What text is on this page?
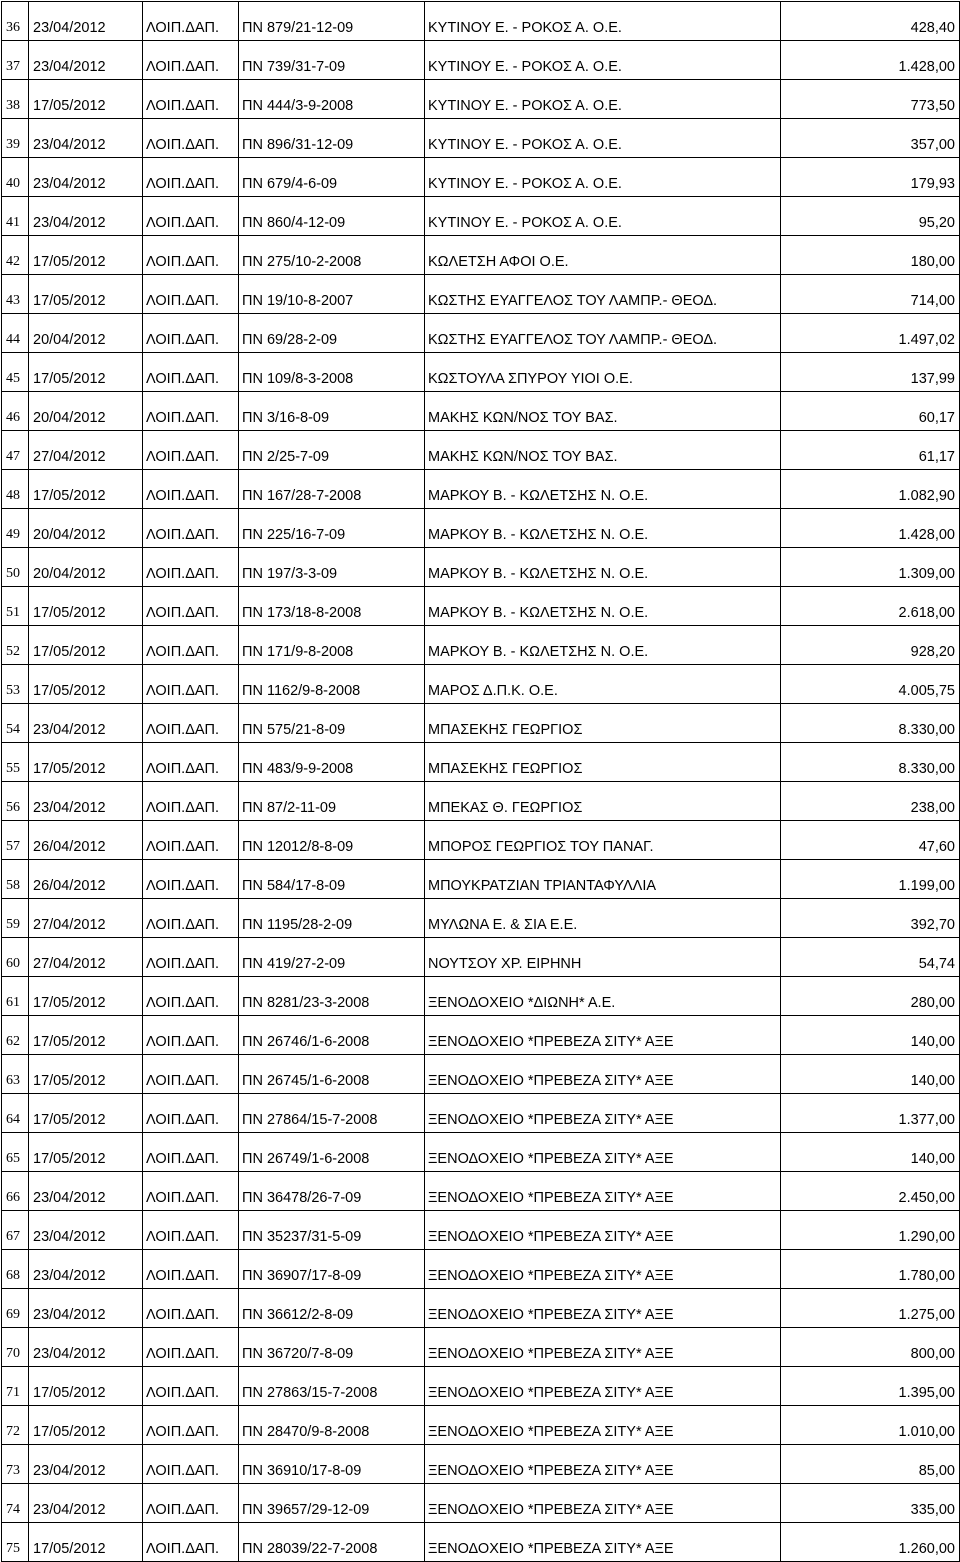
36	23/04/2012	ΛΟΙΠ.ΔΑΠ.	ΠΝ 879/21-12-09	ΚΥΤΙΝΟΥ Ε. - ΡΟΚΟΣ Α. Ο.Ε.	428,40
37	23/04/2012	ΛΟΙΠ.ΔΑΠ.	ΠΝ 739/31-7-09	ΚΥΤΙΝΟΥ Ε. - ΡΟΚΟΣ Α. Ο.Ε.	1.428,00
38	17/05/2012	ΛΟΙΠ.ΔΑΠ.	ΠΝ 444/3-9-2008	ΚΥΤΙΝΟΥ Ε. - ΡΟΚΟΣ Α. Ο.Ε.	773,50
39	23/04/2012	ΛΟΙΠ.ΔΑΠ.	ΠΝ 896/31-12-09	ΚΥΤΙΝΟΥ Ε. - ΡΟΚΟΣ Α. Ο.Ε.	357,00
40	23/04/2012	ΛΟΙΠ.ΔΑΠ.	ΠΝ 679/4-6-09	ΚΥΤΙΝΟΥ Ε. - ΡΟΚΟΣ Α. Ο.Ε.	179,93
41	23/04/2012	ΛΟΙΠ.ΔΑΠ.	ΠΝ 860/4-12-09	ΚΥΤΙΝΟΥ Ε. - ΡΟΚΟΣ Α. Ο.Ε.	95,20
42	17/05/2012	ΛΟΙΠ.ΔΑΠ.	ΠΝ 275/10-2-2008	ΚΩΛΕΤΣΗ ΑΦΟΙ Ο.Ε.	180,00
43	17/05/2012	ΛΟΙΠ.ΔΑΠ.	ΠΝ 19/10-8-2007	ΚΩΣΤΗΣ ΕΥΑΓΓΕΛΟΣ ΤΟΥ ΛΑΜΠΡ.- ΘΕΟΔ.	714,00
44	20/04/2012	ΛΟΙΠ.ΔΑΠ.	ΠΝ 69/28-2-09	ΚΩΣΤΗΣ ΕΥΑΓΓΕΛΟΣ ΤΟΥ ΛΑΜΠΡ.- ΘΕΟΔ.	1.497,02
45	17/05/2012	ΛΟΙΠ.ΔΑΠ.	ΠΝ 109/8-3-2008	ΚΩΣΤΟΥΛΑ ΣΠΥΡΟΥ ΥΙΟΙ Ο.Ε.	137,99
46	20/04/2012	ΛΟΙΠ.ΔΑΠ.	ΠΝ 3/16-8-09	ΜΑΚΗΣ ΚΩΝ/ΝΟΣ ΤΟΥ ΒΑΣ.	60,17
47	27/04/2012	ΛΟΙΠ.ΔΑΠ.	ΠΝ 2/25-7-09	ΜΑΚΗΣ ΚΩΝ/ΝΟΣ ΤΟΥ ΒΑΣ.	61,17
48	17/05/2012	ΛΟΙΠ.ΔΑΠ.	ΠΝ 167/28-7-2008	ΜΑΡΚΟΥ Β. - ΚΩΛΕΤΣΗΣ Ν. Ο.Ε.	1.082,90
49	20/04/2012	ΛΟΙΠ.ΔΑΠ.	ΠΝ 225/16-7-09	ΜΑΡΚΟΥ Β. - ΚΩΛΕΤΣΗΣ Ν. Ο.Ε.	1.428,00
50	20/04/2012	ΛΟΙΠ.ΔΑΠ.	ΠΝ 197/3-3-09	ΜΑΡΚΟΥ Β. - ΚΩΛΕΤΣΗΣ Ν. Ο.Ε.	1.309,00
51	17/05/2012	ΛΟΙΠ.ΔΑΠ.	ΠΝ 173/18-8-2008	ΜΑΡΚΟΥ Β. - ΚΩΛΕΤΣΗΣ Ν. Ο.Ε.	2.618,00
52	17/05/2012	ΛΟΙΠ.ΔΑΠ.	ΠΝ 171/9-8-2008	ΜΑΡΚΟΥ Β. - ΚΩΛΕΤΣΗΣ Ν. Ο.Ε.	928,20
53	17/05/2012	ΛΟΙΠ.ΔΑΠ.	ΠΝ 1162/9-8-2008	ΜΑΡΟΣ Δ.Π.Κ. Ο.Ε.	4.005,75
54	23/04/2012	ΛΟΙΠ.ΔΑΠ.	ΠΝ 575/21-8-09	ΜΠΑΣΕΚΗΣ ΓΕΩΡΓΙΟΣ	8.330,00
55	17/05/2012	ΛΟΙΠ.ΔΑΠ.	ΠΝ 483/9-9-2008	ΜΠΑΣΕΚΗΣ ΓΕΩΡΓΙΟΣ	8.330,00
56	23/04/2012	ΛΟΙΠ.ΔΑΠ.	ΠΝ 87/2-11-09	ΜΠΕΚΑΣ Θ. ΓΕΩΡΓΙΟΣ	238,00
57	26/04/2012	ΛΟΙΠ.ΔΑΠ.	ΠΝ 12012/8-8-09	ΜΠΟΡΟΣ ΓΕΩΡΓΙΟΣ ΤΟΥ ΠΑΝΑΓ.	47,60
58	26/04/2012	ΛΟΙΠ.ΔΑΠ.	ΠΝ 584/17-8-09	ΜΠΟΥΚΡΑΤΖΙΑΝ ΤΡΙΑΝΤΑΦΥΛΛΙΑ	1.199,00
59	27/04/2012	ΛΟΙΠ.ΔΑΠ.	ΠΝ 1195/28-2-09	ΜΥΛΩΝΑ Ε. & ΣΙΑ Ε.Ε.	392,70
60	27/04/2012	ΛΟΙΠ.ΔΑΠ.	ΠΝ 419/27-2-09	ΝΟΥΤΣΟΥ ΧΡ. ΕΙΡΗΝΗ	54,74
61	17/05/2012	ΛΟΙΠ.ΔΑΠ.	ΠΝ 8281/23-3-2008	ΞΕΝΟΔΟΧΕΙΟ *ΔΙΩΝΗ* Α.Ε.	280,00
62	17/05/2012	ΛΟΙΠ.ΔΑΠ.	ΠΝ 26746/1-6-2008	ΞΕΝΟΔΟΧΕΙΟ *ΠΡΕΒΕΖΑ ΣΙΤΥ* ΑΞΕ	140,00
63	17/05/2012	ΛΟΙΠ.ΔΑΠ.	ΠΝ 26745/1-6-2008	ΞΕΝΟΔΟΧΕΙΟ *ΠΡΕΒΕΖΑ ΣΙΤΥ* ΑΞΕ	140,00
64	17/05/2012	ΛΟΙΠ.ΔΑΠ.	ΠΝ 27864/15-7-2008	ΞΕΝΟΔΟΧΕΙΟ *ΠΡΕΒΕΖΑ ΣΙΤΥ* ΑΞΕ	1.377,00
65	17/05/2012	ΛΟΙΠ.ΔΑΠ.	ΠΝ 26749/1-6-2008	ΞΕΝΟΔΟΧΕΙΟ *ΠΡΕΒΕΖΑ ΣΙΤΥ* ΑΞΕ	140,00
66	23/04/2012	ΛΟΙΠ.ΔΑΠ.	ΠΝ 36478/26-7-09	ΞΕΝΟΔΟΧΕΙΟ *ΠΡΕΒΕΖΑ ΣΙΤΥ* ΑΞΕ	2.450,00
67	23/04/2012	ΛΟΙΠ.ΔΑΠ.	ΠΝ 35237/31-5-09	ΞΕΝΟΔΟΧΕΙΟ *ΠΡΕΒΕΖΑ ΣΙΤΥ* ΑΞΕ	1.290,00
68	23/04/2012	ΛΟΙΠ.ΔΑΠ.	ΠΝ 36907/17-8-09	ΞΕΝΟΔΟΧΕΙΟ *ΠΡΕΒΕΖΑ ΣΙΤΥ* ΑΞΕ	1.780,00
69	23/04/2012	ΛΟΙΠ.ΔΑΠ.	ΠΝ 36612/2-8-09	ΞΕΝΟΔΟΧΕΙΟ *ΠΡΕΒΕΖΑ ΣΙΤΥ* ΑΞΕ	1.275,00
70	23/04/2012	ΛΟΙΠ.ΔΑΠ.	ΠΝ 36720/7-8-09	ΞΕΝΟΔΟΧΕΙΟ *ΠΡΕΒΕΖΑ ΣΙΤΥ* ΑΞΕ	800,00
71	17/05/2012	ΛΟΙΠ.ΔΑΠ.	ΠΝ 27863/15-7-2008	ΞΕΝΟΔΟΧΕΙΟ *ΠΡΕΒΕΖΑ ΣΙΤΥ* ΑΞΕ	1.395,00
72	17/05/2012	ΛΟΙΠ.ΔΑΠ.	ΠΝ 28470/9-8-2008	ΞΕΝΟΔΟΧΕΙΟ *ΠΡΕΒΕΖΑ ΣΙΤΥ* ΑΞΕ	1.010,00
73	23/04/2012	ΛΟΙΠ.ΔΑΠ.	ΠΝ 36910/17-8-09	ΞΕΝΟΔΟΧΕΙΟ *ΠΡΕΒΕΖΑ ΣΙΤΥ* ΑΞΕ	85,00
74	23/04/2012	ΛΟΙΠ.ΔΑΠ.	ΠΝ 39657/29-12-09	ΞΕΝΟΔΟΧΕΙΟ *ΠΡΕΒΕΖΑ ΣΙΤΥ* ΑΞΕ	335,00
75	17/05/2012	ΛΟΙΠ.ΔΑΠ.	ΠΝ 28039/22-7-2008	ΞΕΝΟΔΟΧΕΙΟ *ΠΡΕΒΕΖΑ ΣΙΤΥ* ΑΞΕ	1.260,00
